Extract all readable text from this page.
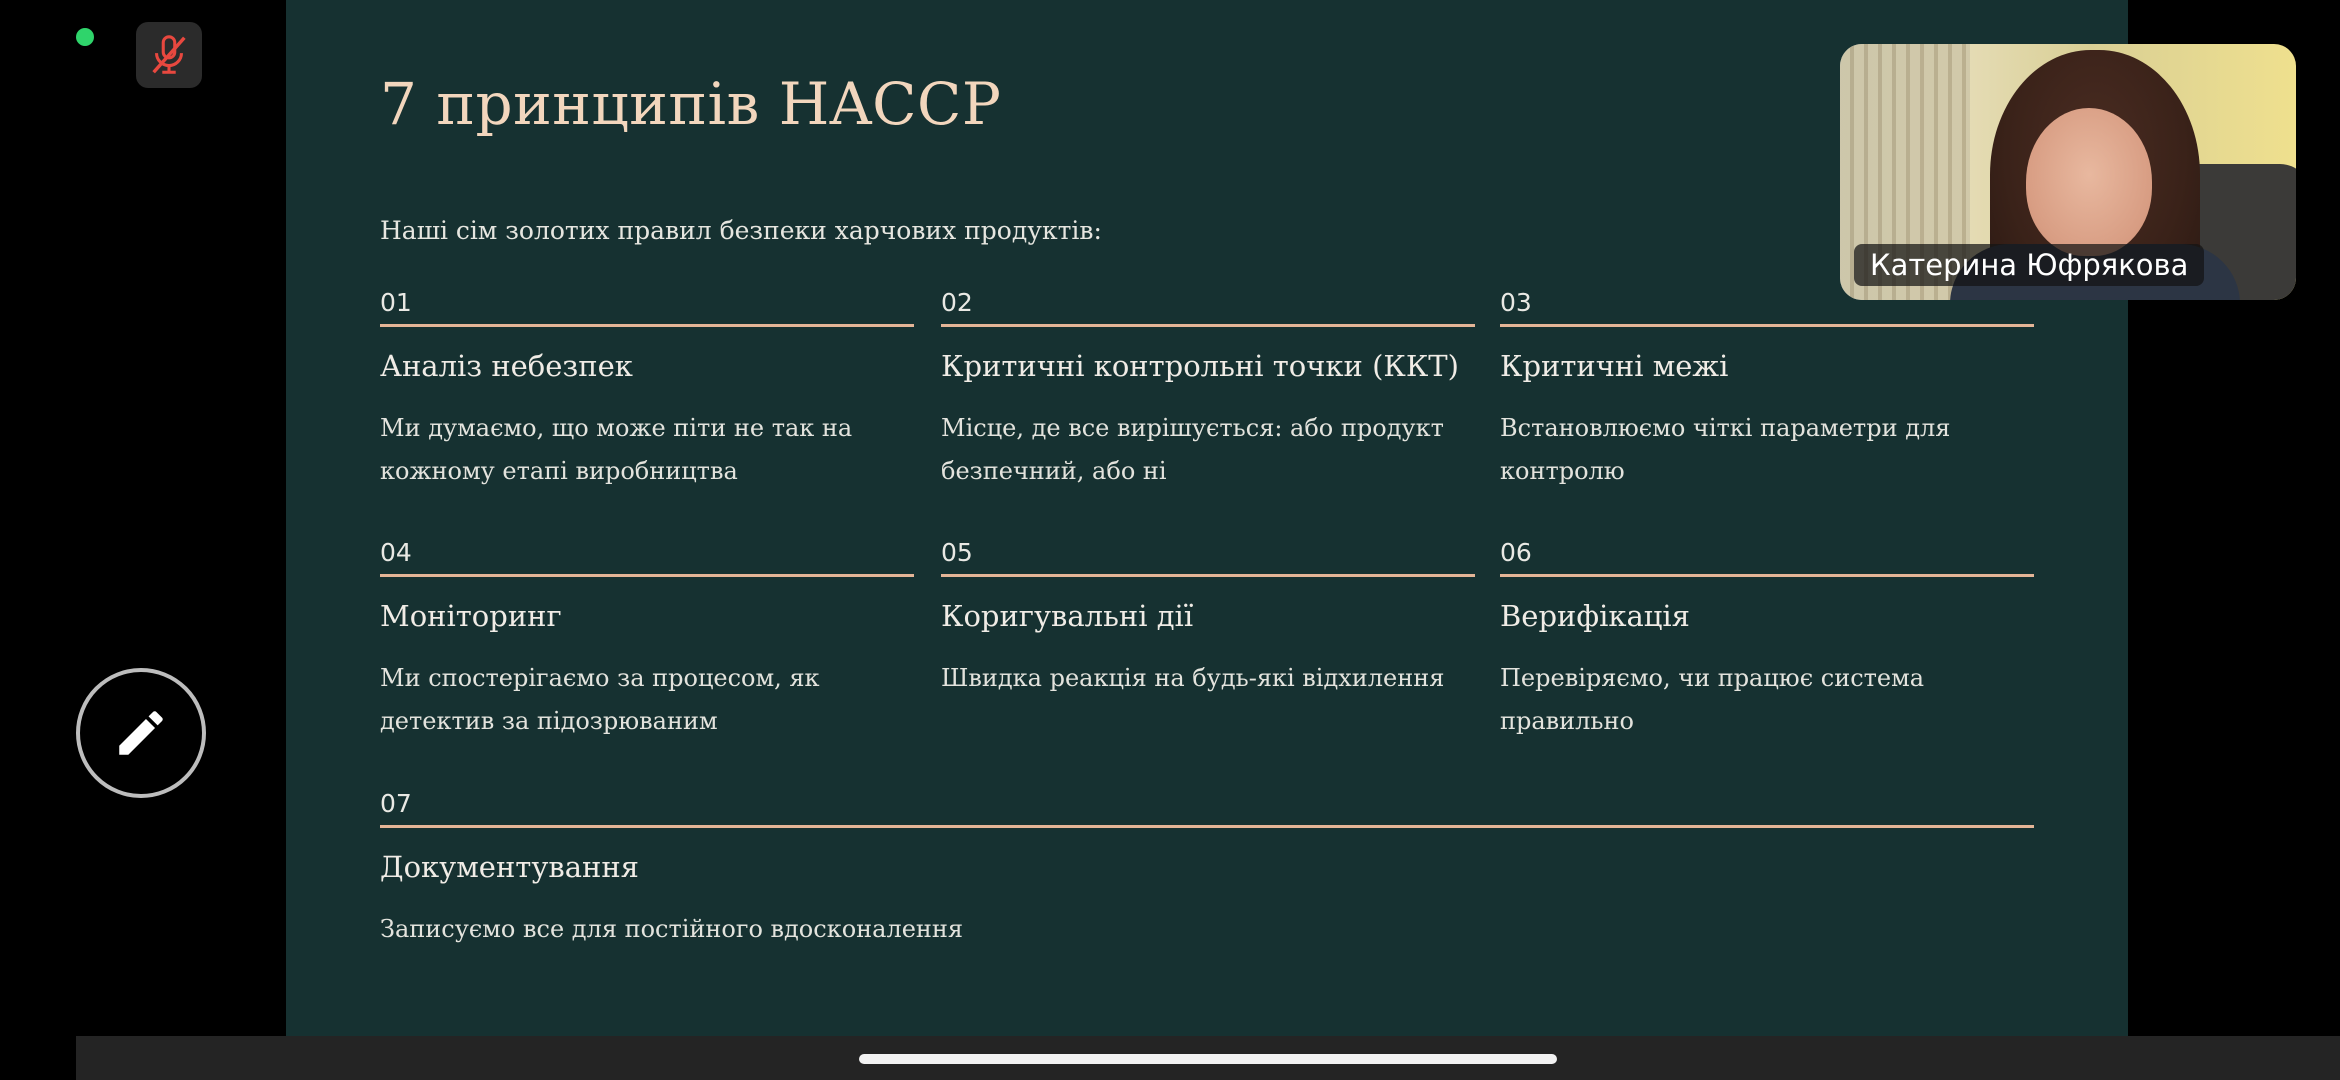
7 принципів HACCP
Наші сім золотих правил безпеки харчових продуктів:
01
Аналіз небезпек
Ми думаємо, що може піти не так на кожному етапі виробництва
02
Критичні контрольні точки (ККТ)
Місце, де все вирішується: або продукт безпечний, або ні
03
Критичні межі
Встановлюємо чіткі параметри для контролю
04
Моніторинг
Ми спостерігаємо за процесом, як детектив за підозрюваним
05
Коригувальні дії
Швидка реакція на будь-які відхилення
06
Верифікація
Перевіряємо, чи працює система правильно
07
Документування
Записуємо все для постійного вдосконалення
Катерина Юфрякова
